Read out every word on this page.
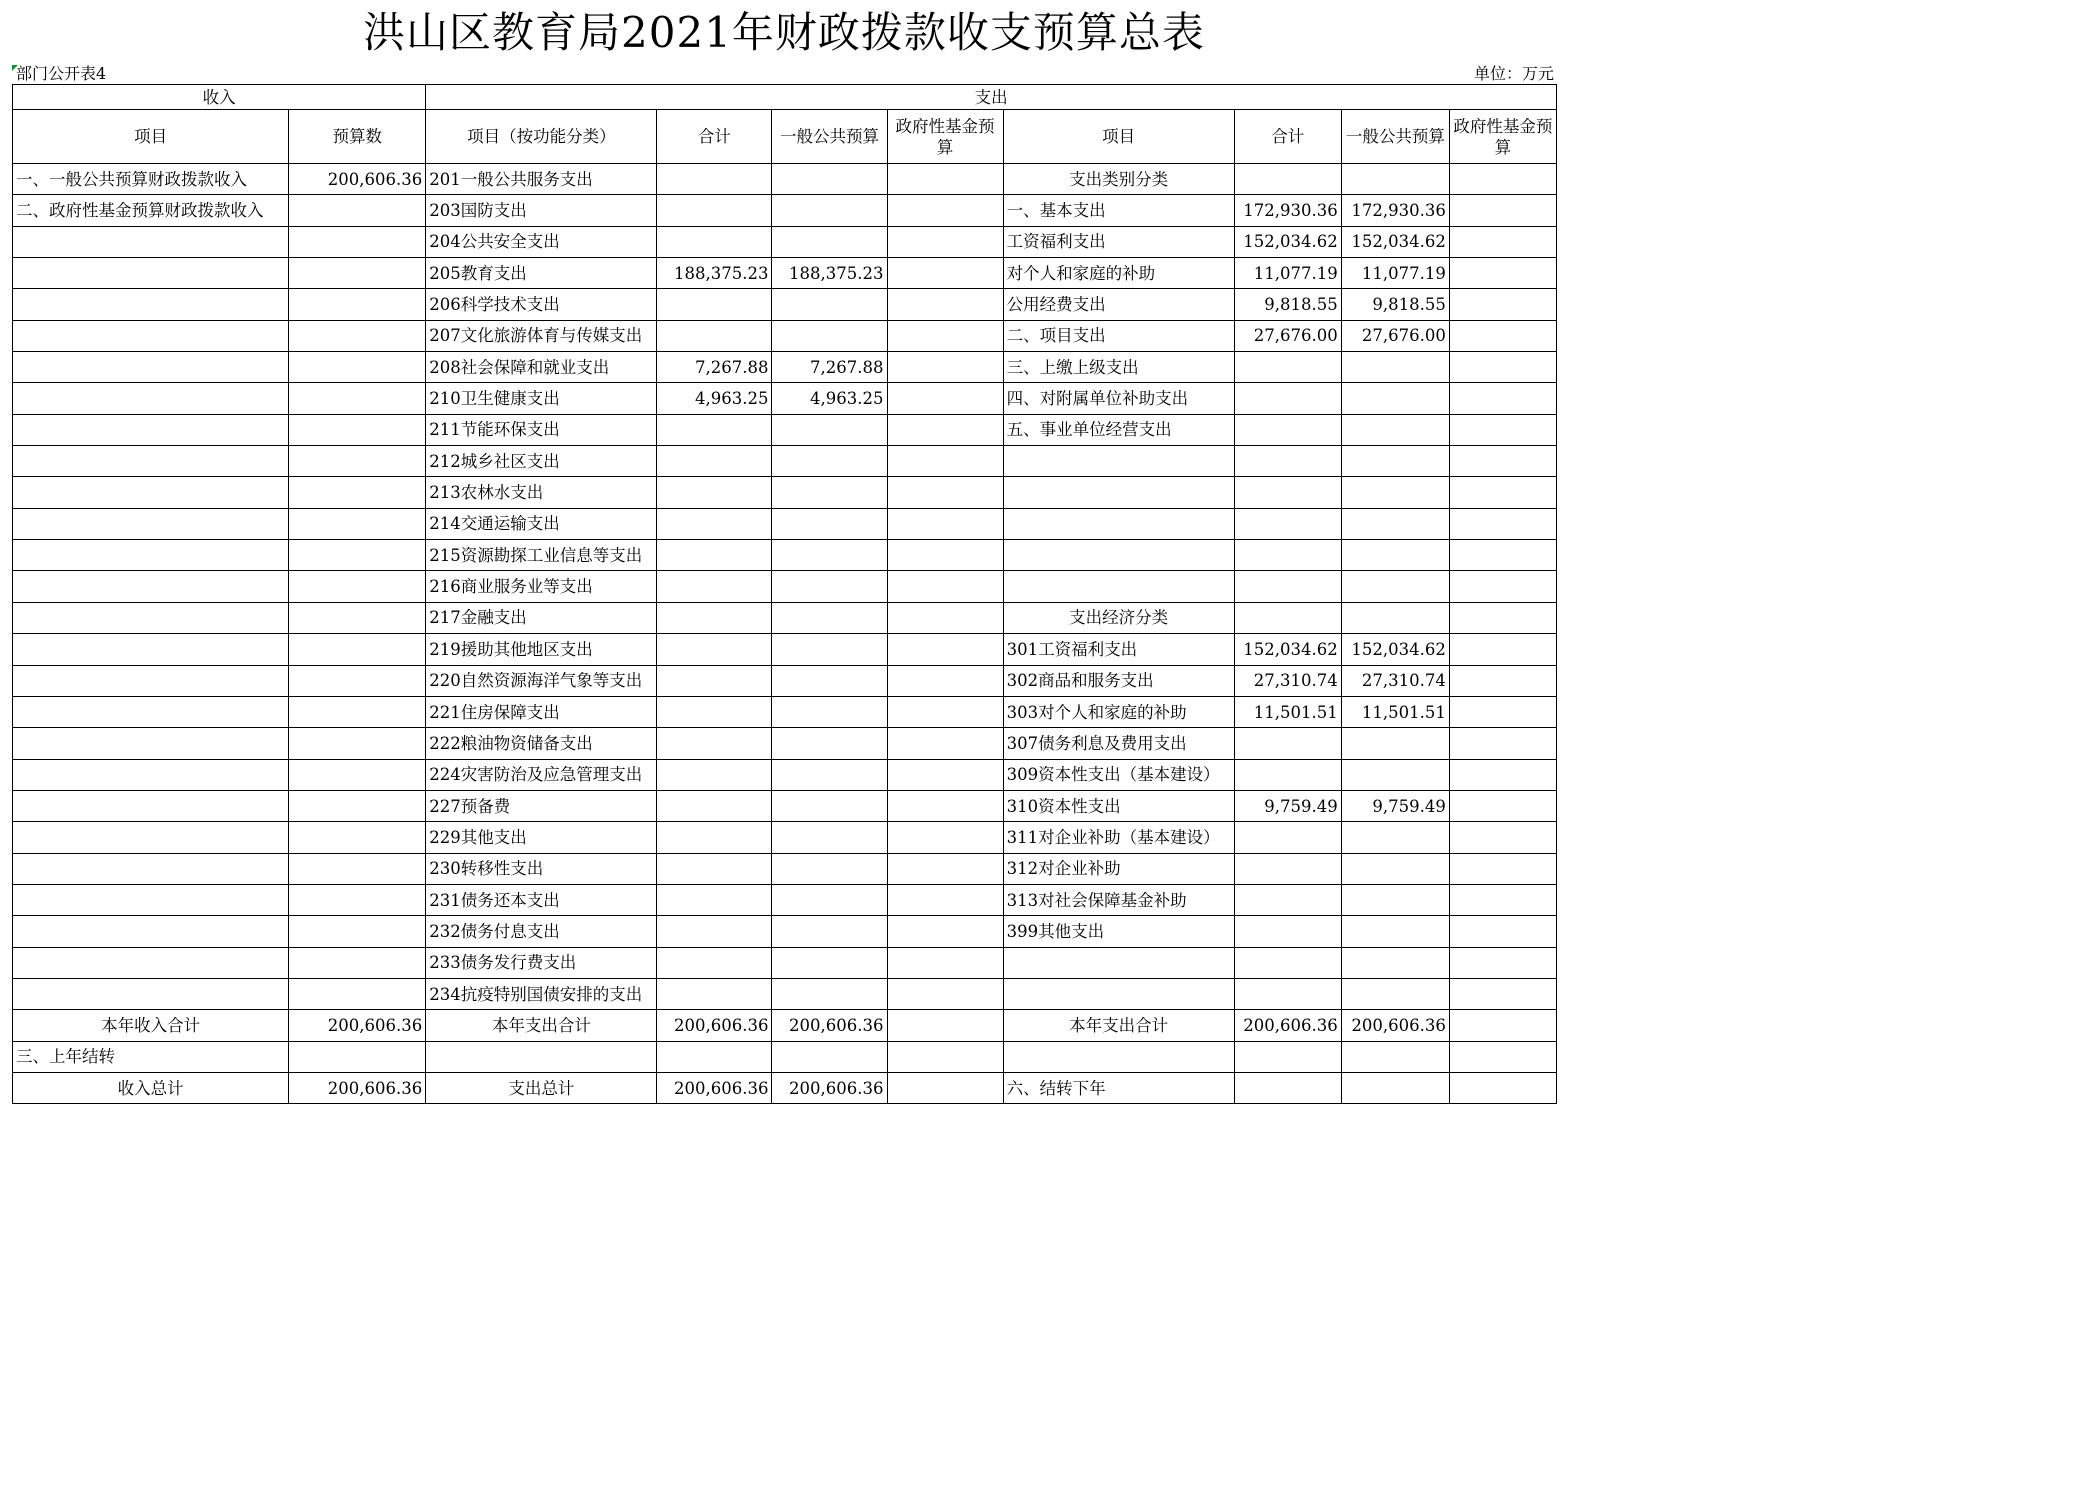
洪山区教育局2021年财政拨款收支预算总表
部门公开表4	单位：万元
收入		支出							
项目	预算数	项目（按功能分类）	合计	一般公共预算	政府性基金预算	项目	合计	一般公共预算	政府性基金预算
一、一般公共预算财政拨款收入	200,606.36	201一般公共服务支出				支出类别分类			
二、政府性基金预算财政拨款收入		203国防支出				一、基本支出	172,930.36	172,930.36	
		204公共安全支出				工资福利支出	152,034.62	152,034.62	
		205教育支出	188,375.23	188,375.23		对个人和家庭的补助	11,077.19	11,077.19	
		206科学技术支出				公用经费支出	9,818.55	9,818.55	
		207文化旅游体育与传媒支出				二、项目支出	27,676.00	27,676.00	
		208社会保障和就业支出	7,267.88	7,267.88		三、上缴上级支出			
		210卫生健康支出	4,963.25	4,963.25		四、对附属单位补助支出			
		211节能环保支出				五、事业单位经营支出			
		212城乡社区支出							
		213农林水支出							
		214交通运输支出							
		215资源勘探工业信息等支出							
		216商业服务业等支出							
		217金融支出				支出经济分类			
		219援助其他地区支出				301工资福利支出	152,034.62	152,034.62	
		220自然资源海洋气象等支出				302商品和服务支出	27,310.74	27,310.74	
		221住房保障支出				303对个人和家庭的补助	11,501.51	11,501.51	
		222粮油物资储备支出				307债务利息及费用支出			
		224灾害防治及应急管理支出				309资本性支出（基本建设）			
		227预备费				310资本性支出	9,759.49	9,759.49	
		229其他支出				311对企业补助（基本建设）			
		230转移性支出				312对企业补助			
		231债务还本支出				313对社会保障基金补助			
		232债务付息支出				399其他支出			
		233债务发行费支出							
		234抗疫特别国债安排的支出							
本年收入合计	200,606.36	本年支出合计	200,606.36	200,606.36		本年支出合计	200,606.36	200,606.36	
三、上年结转									
收入总计	200,606.36	支出总计	200,606.36	200,606.36		六、结转下年			
